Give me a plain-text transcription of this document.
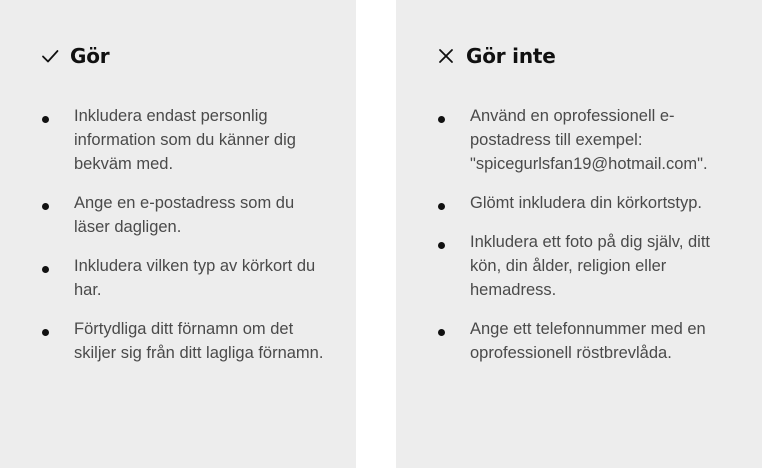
Gör
Inkludera endast personlig information som du känner dig bekväm med.
Ange en e-postadress som du läser dagligen.
Inkludera vilken typ av körkort du har.
Förtydliga ditt förnamn om det skiljer sig från ditt lagliga förnamn.
Gör inte
Använd en oprofessionell e-postadress till exempel: "spicegurlsfan19@hotmail.com".
Glömt inkludera din körkortstyp.
Inkludera ett foto på dig själv, ditt kön, din ålder, religion eller hemadress.
Ange ett telefonnummer med en oprofessionell röstbrevlåda.
